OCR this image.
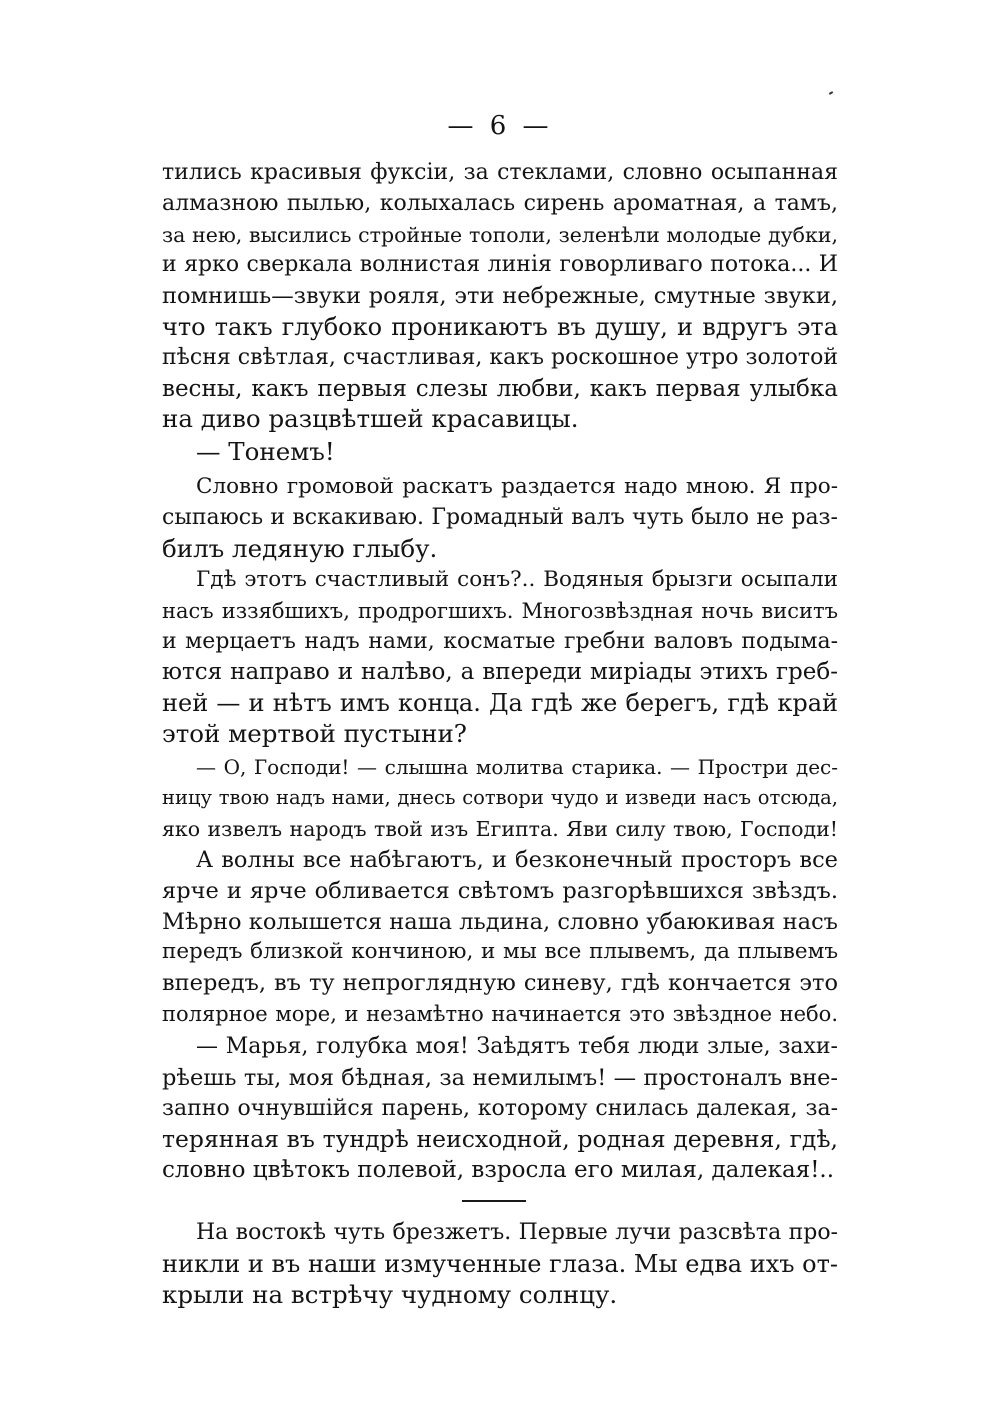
— 6 —
тились красивыя фуксіи, за стеклами, словно осыпанная
алмазною пылью, колыхалась сирень ароматная, а тамъ,
за нею, высились стройные тополи, зеленѣли молодые дубки,
и ярко сверкала волнистая линія говорливаго потока... И
помнишь—звуки рояля, эти небрежные, смутные звуки,
что такъ глубоко проникаютъ въ душу, и вдругъ эта
пѣсня свѣтлая, счастливая, какъ роскошное утро золотой
весны, какъ первыя слезы любви, какъ первая улыбка
на диво разцвѣтшей красавицы.
— Тонемъ!
Словно громовой раскатъ раздается надо мною. Я про-
сыпаюсь и вскакиваю. Громадный валъ чуть было не раз-
билъ ледяную глыбу.
Гдѣ этотъ счастливый сонъ?.. Водяныя брызги осыпали
насъ иззябшихъ, продрогшихъ. Многозвѣздная ночь виситъ
и мерцаетъ надъ нами, косматые гребни валовъ подыма-
ются направо и налѣво, а впереди миріады этихъ греб-
ней — и нѣтъ имъ конца. Да гдѣ же берегъ, гдѣ край
этой мертвой пустыни?
— О, Господи! — слышна молитва старика. — Простри дес-
ницу твою надъ нами, днесь сотвори чудо и изведи насъ отсюда,
яко извелъ народъ твой изъ Египта. Яви силу твою, Господи!
А волны все набѣгаютъ, и безконечный просторъ все
ярче и ярче обливается свѣтомъ разгорѣвшихся звѣздъ.
Мѣрно колышется наша льдина, словно убаюкивая насъ
передъ близкой кончиною, и мы все плывемъ, да плывемъ
впередъ, въ ту непроглядную синеву, гдѣ кончается это
полярное море, и незамѣтно начинается это звѣздное небо.
— Марья, голубка моя! Заѣдятъ тебя люди злые, захи-
рѣешь ты, моя бѣдная, за немилымъ! — простоналъ вне-
запно очнувшійся парень, которому снилась далекая, за-
терянная въ тундрѣ неисходной, родная деревня, гдѣ,
словно цвѣтокъ полевой, взросла его милая, далекая!..
На востокѣ чуть брезжетъ. Первые лучи разсвѣта про-
никли и въ наши измученные глаза. Мы едва ихъ от-
крыли на встрѣчу чудному солнцу.
